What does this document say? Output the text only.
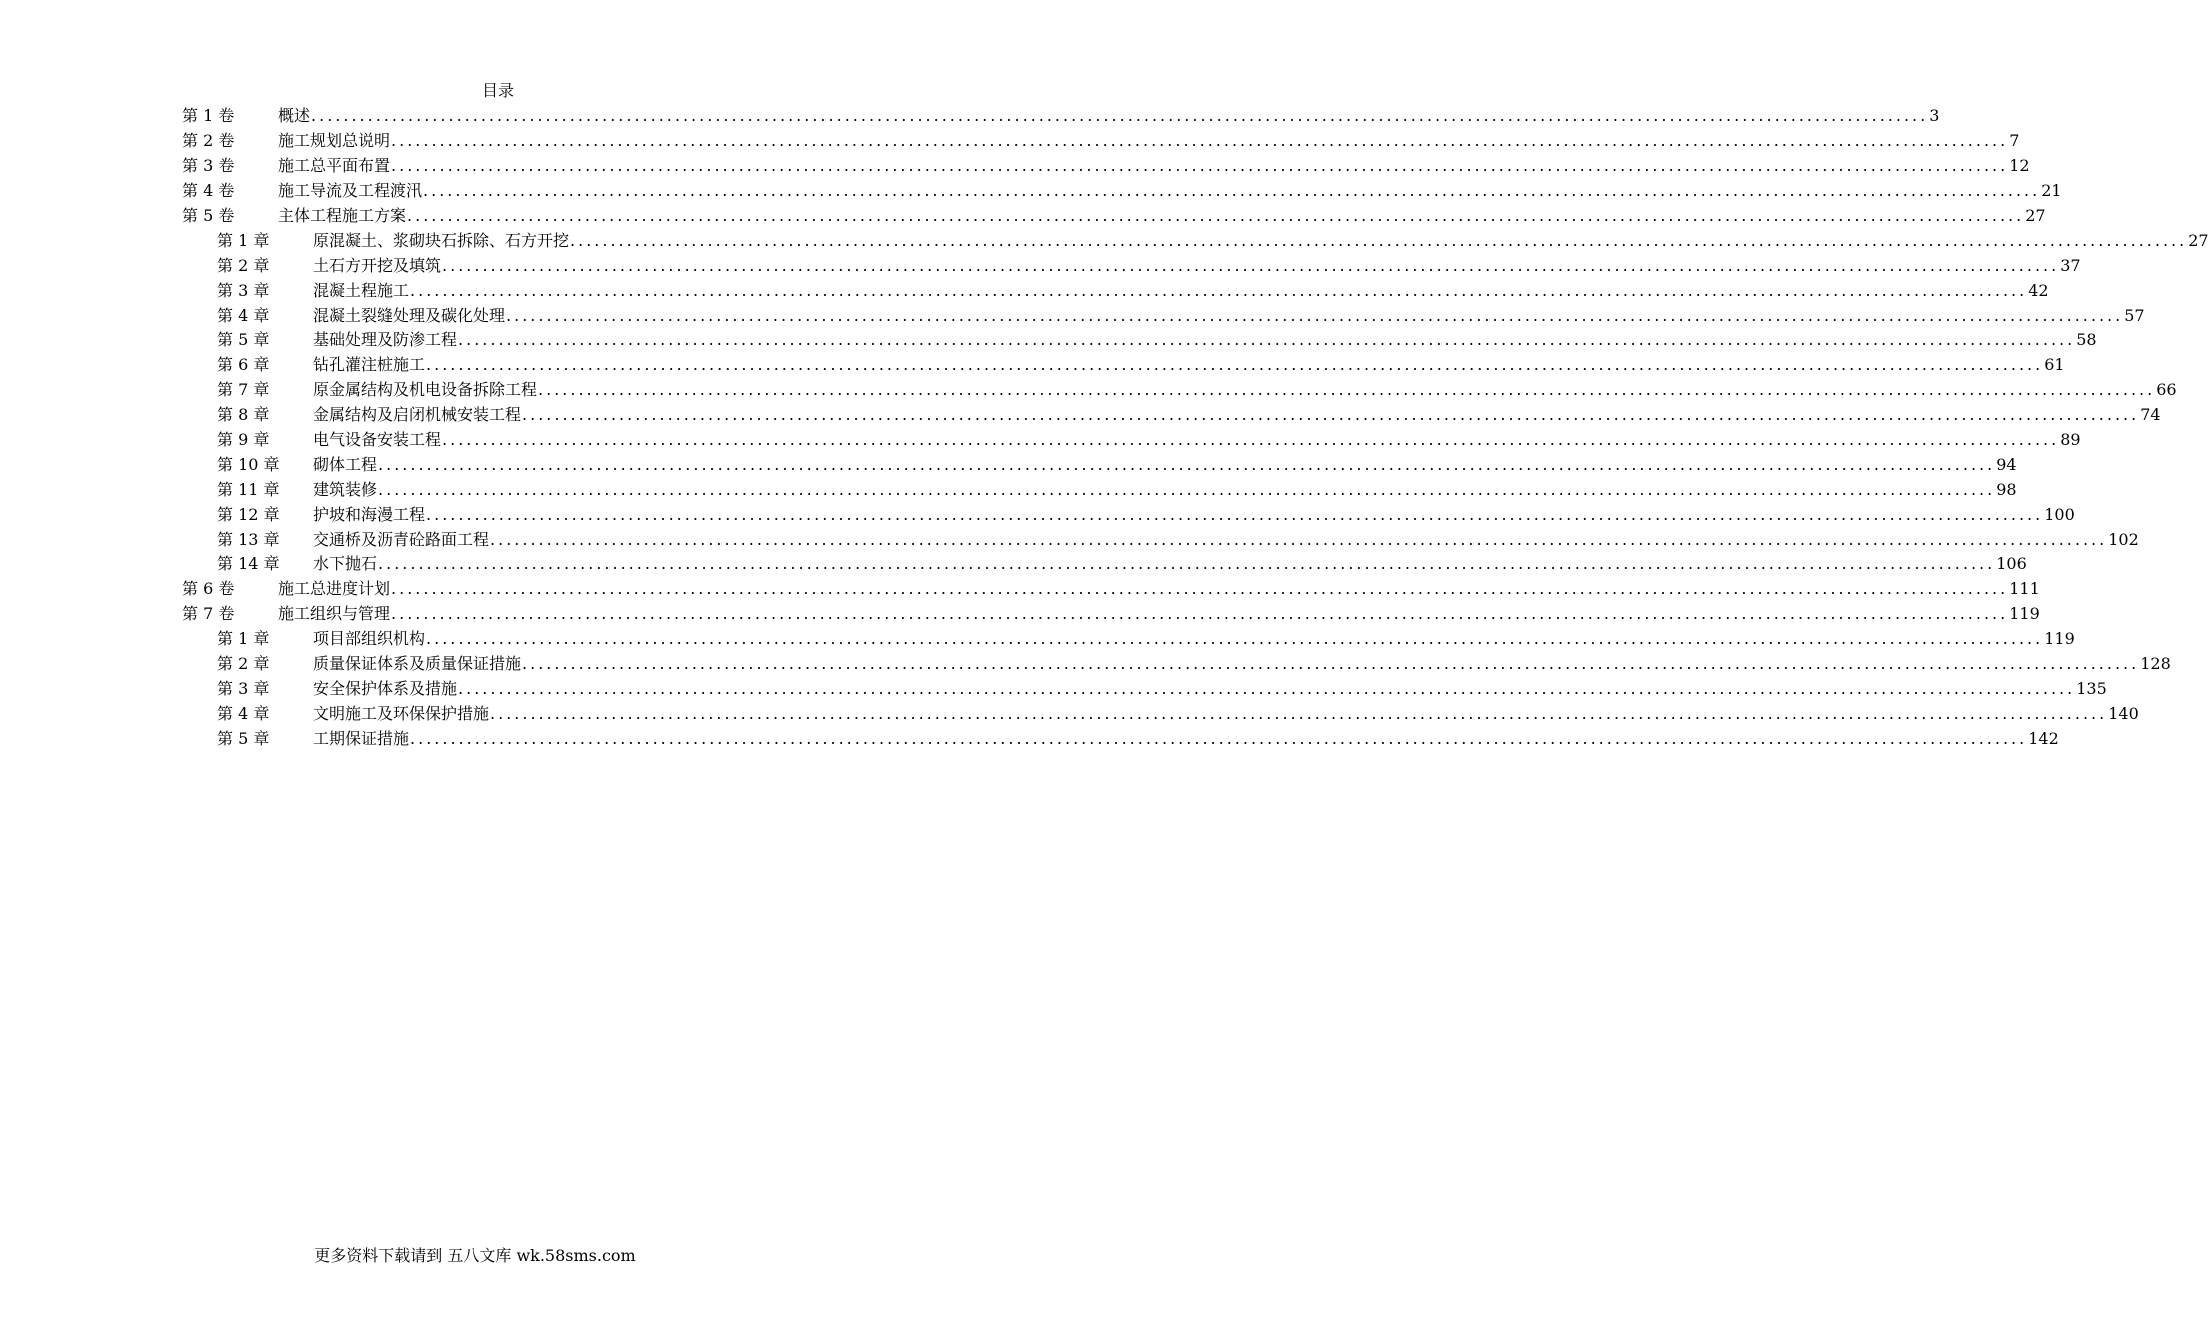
目录
第 1 卷	概述 ........................................................................................................................................................................................................ 3
第 2 卷	施工规划总说明 ........................................................................................................................................................................................................ 7
第 3 卷	施工总平面布置 ........................................................................................................................................................................................................ 12
第 4 卷	施工导流及工程渡汛 ........................................................................................................................................................................................................ 21
第 5 卷	主体工程施工方案 ........................................................................................................................................................................................................ 27
第 1 章	原混凝土、浆砌块石拆除、石方开挖 ........................................................................................................................................................................................................ 27
第 2 章	土石方开挖及填筑 ........................................................................................................................................................................................................ 37
第 3 章	混凝土程施工 ........................................................................................................................................................................................................ 42
第 4 章	混凝土裂缝处理及碳化处理 ........................................................................................................................................................................................................ 57
第 5 章	基础处理及防渗工程 ........................................................................................................................................................................................................ 58
第 6 章	钻孔灌注桩施工 ........................................................................................................................................................................................................ 61
第 7 章	原金属结构及机电设备拆除工程 ........................................................................................................................................................................................................ 66
第 8 章	金属结构及启闭机械安装工程 ........................................................................................................................................................................................................ 74
第 9 章	电气设备安装工程 ........................................................................................................................................................................................................ 89
第 10 章	砌体工程 ........................................................................................................................................................................................................ 94
第 11 章	建筑装修 ........................................................................................................................................................................................................ 98
第 12 章	护坡和海漫工程 ........................................................................................................................................................................................................ 100
第 13 章	交通桥及沥青砼路面工程 ........................................................................................................................................................................................................ 102
第 14 章	水下抛石 ........................................................................................................................................................................................................ 106
第 6 卷	施工总进度计划 ........................................................................................................................................................................................................ 111
第 7 卷	施工组织与管理 ........................................................................................................................................................................................................ 119
第 1 章	项目部组织机构 ........................................................................................................................................................................................................ 119
第 2 章	质量保证体系及质量保证措施 ........................................................................................................................................................................................................ 128
第 3 章	安全保护体系及措施 ........................................................................................................................................................................................................ 135
第 4 章	文明施工及环保保护措施 ........................................................................................................................................................................................................ 140
第 5 章	工期保证措施 ........................................................................................................................................................................................................ 142
更多资料下载请到 五八文库 wk.58sms.com
